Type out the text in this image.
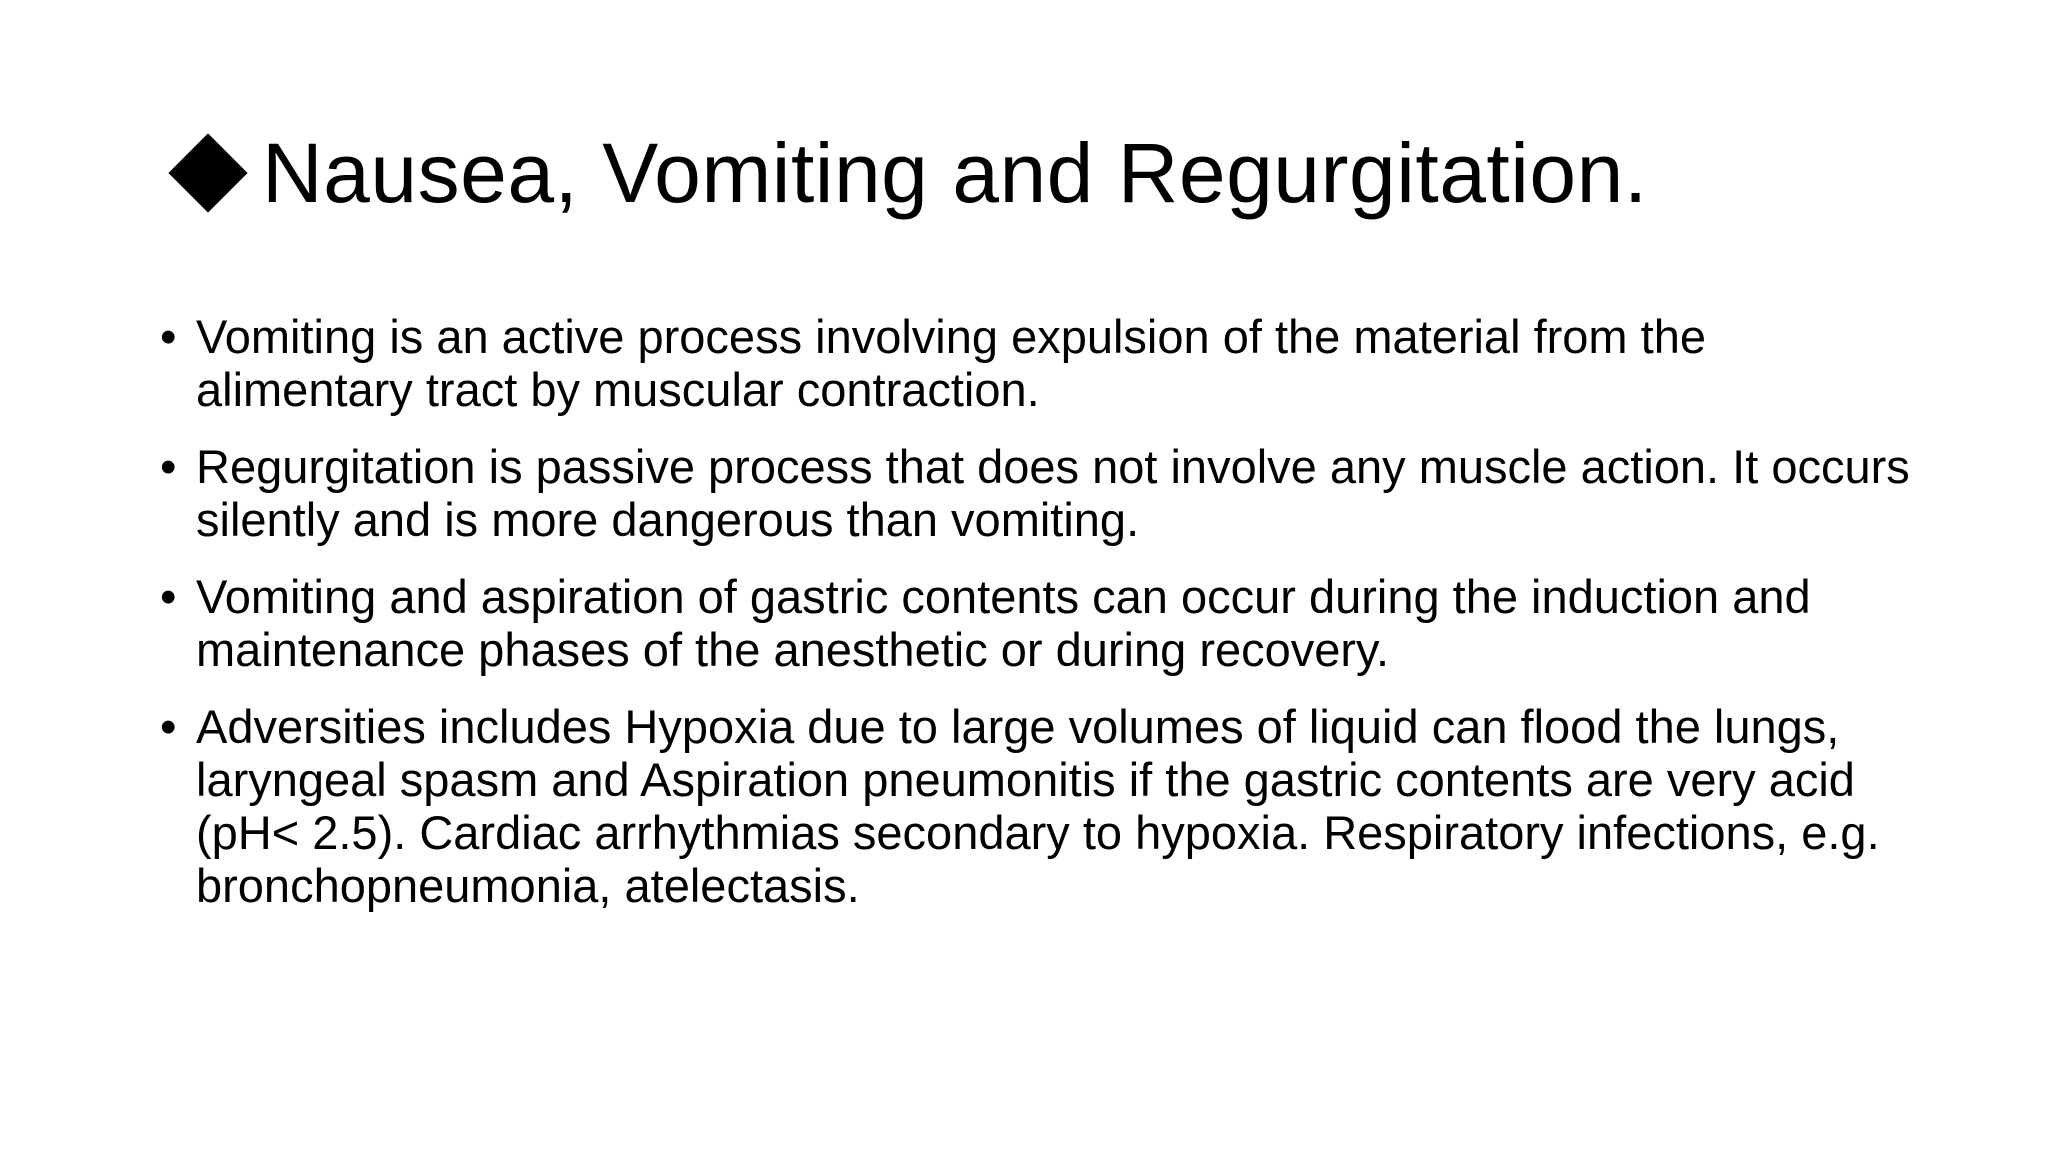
Nausea, Vomiting and Regurgitation.
• Vomiting is an active process involving expulsion of the material from the alimentary tract by muscular contraction.
• Regurgitation is passive process that does not involve any muscle action. It occurs silently and is more dangerous than vomiting.
• Vomiting and aspiration of gastric contents can occur during the induction and maintenance phases of the anesthetic or during recovery.
• Adversities includes Hypoxia due to large volumes of liquid can flood the lungs, laryngeal spasm and Aspiration pneumonitis if the gastric contents are very acid (pH< 2.5). Cardiac arrhythmias secondary to hypoxia. Respiratory infections, e.g. bronchopneumonia, atelectasis.
